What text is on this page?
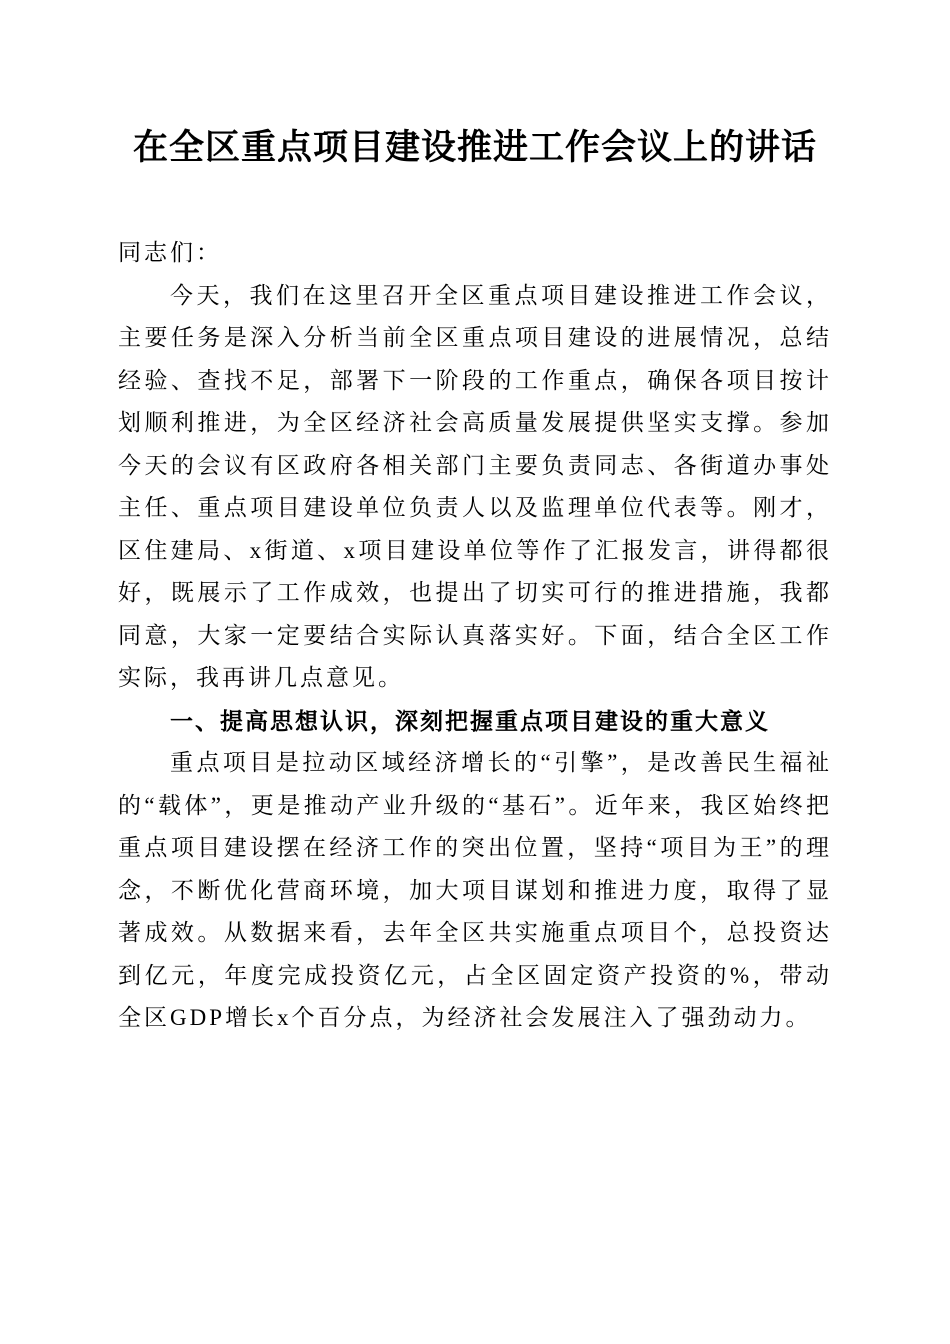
在全区重点项目建设推进工作会议上的讲话

同志们：

今天，我们在这里召开全区重点项目建设推进工作会议，主要任务是深入分析当前全区重点项目建设的进展情况，总结经验、查找不足，部署下一阶段的工作重点，确保各项目按计划顺利推进，为全区经济社会高质量发展提供坚实支撑。参加今天的会议有区政府各相关部门主要负责同志、各街道办事处主任、重点项目建设单位负责人以及监理单位代表等。刚才，区住建局、x街道、x项目建设单位等作了汇报发言，讲得都很好，既展示了工作成效，也提出了切实可行的推进措施，我都同意，大家一定要结合实际认真落实好。下面，结合全区工作实际，我再讲几点意见。

一、提高思想认识，深刻把握重点项目建设的重大意义

重点项目是拉动区域经济增长的“引擎”，是改善民生福祉的“载体”，更是推动产业升级的“基石”。近年来，我区始终把重点项目建设摆在经济工作的突出位置，坚持“项目为王”的理念，不断优化营商环境，加大项目谋划和推进力度，取得了显著成效。从数据来看，去年全区共实施重点项目个，总投资达到亿元，年度完成投资亿元，占全区固定资产投资的%，带动全区GDP增长x个百分点，为经济社会发展注入了强劲动力。
